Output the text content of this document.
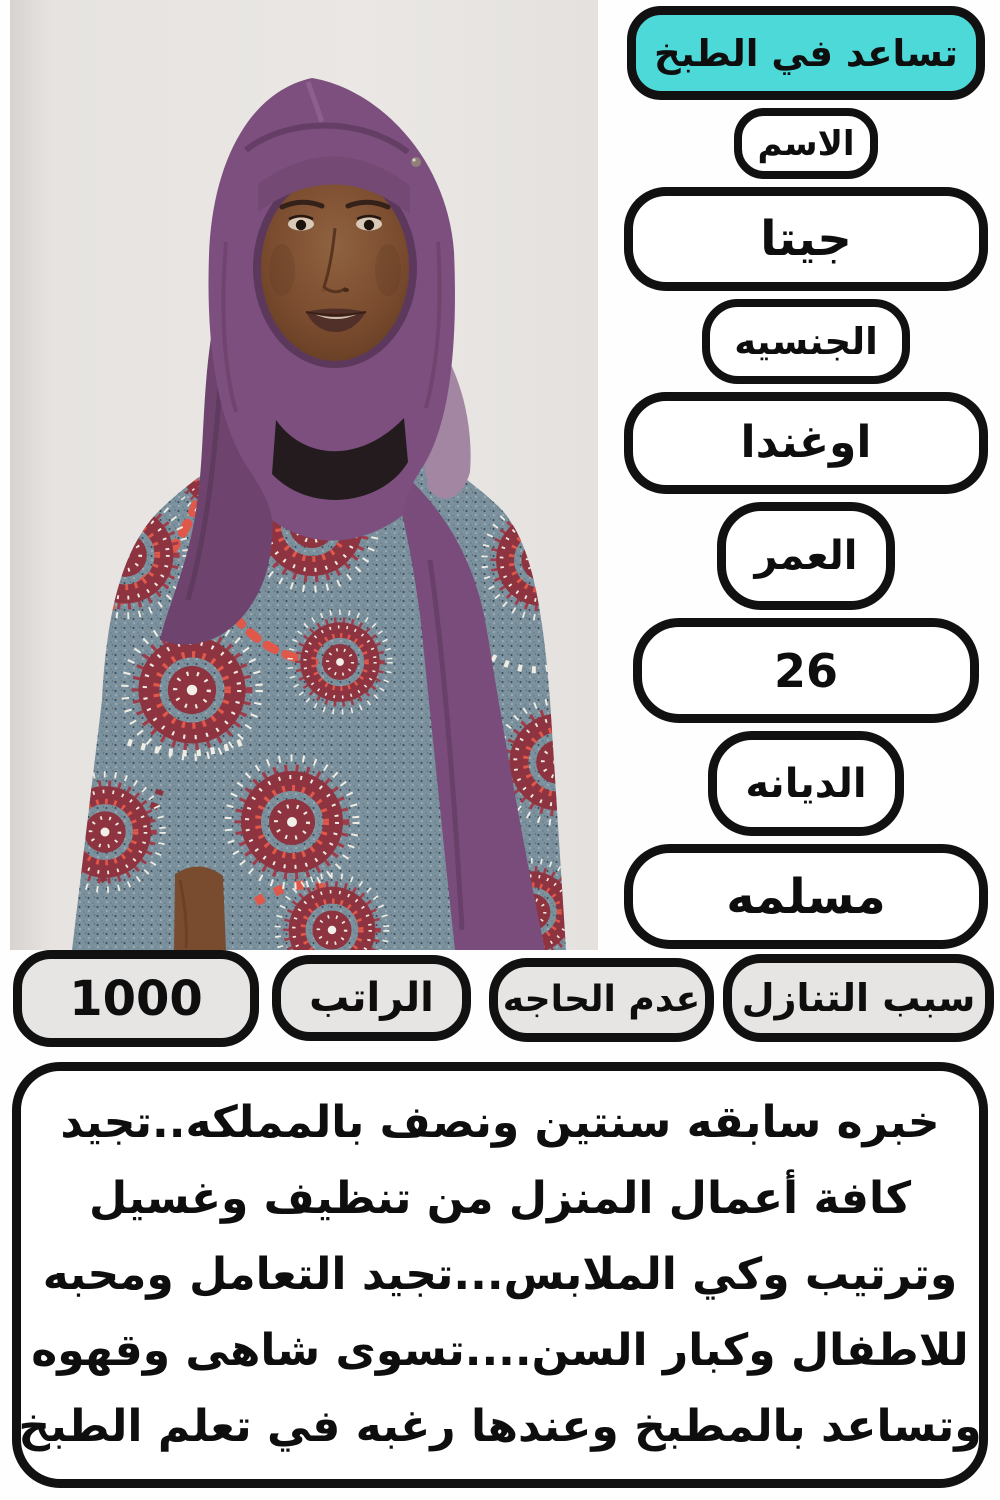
تساعد في الطبخ
الاسم
جيتا
الجنسيه
اوغندا
العمر
26
الديانه
مسلمه
1000	الراتب عدم الحاجه سبب التنازل
خبره سابقه سنتين ونصف بالمملكه..تجيد
كافة أعمال المنزل من تنظيف وغسيل
وترتيب وكي الملابس...تجيد التعامل ومحبه
للاطفال وكبار السن....تسوى شاهى وقهوه
وتساعد بالمطبخ وعندها رغبه في تعلم الطبخ
